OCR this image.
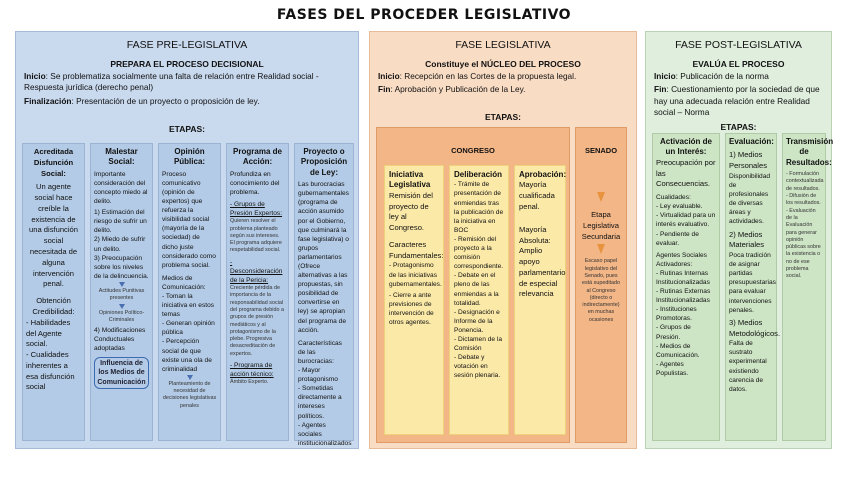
FASES DEL PROCEDER LEGISLATIVO
FASE PRE-LEGISLATIVA
PREPARA EL PROCESO DECISIONAL
Inicio: Se problematiza socialmente una falta de relación entre Realidad social - Respuesta jurídica (derecho penal)
Finalización: Presentación de un proyecto o proposición de ley.
ETAPAS:
Acreditada Disfunción Social:
Un agente social hace creíble la existencia de una disfunción social necesitada de alguna intervención penal.
Obtención Credibilidad:
- Habilidades del Agente social.
- Cualidades inherentes a esa disfunción social
Malestar Social:
Importante consideración del concepto miedo al delito.
1) Estimación del riesgo de sufrir un delito.
2) Miedo de sufrir un delito.
3) Preocupación sobre los niveles de la delincuencia.
Actitudes Punitivas presentes
Opiniones Político-Criminales
4) Modificaciones Conductuales adoptadas
Influencia de los Medios de Comunicación
Opinión Pública:
Proceso comunicativo (opinión de expertos) que refuerza la visibilidad social (mayoría de la sociedad) de dicho juste considerado como problema social.
Medios de Comunicación:
- Toman la iniciativa en estos temas
- Generan opinión pública
- Percepción social de que existe una ola de criminalidad
Planteamiento de necesidad de decisiones legislativas penales
Programa de Acción:
Profundiza en conocimiento del problema.
- Grupos de Presión Expertos:
Quieren resolver el problema planteado según sus intereses. El programa adquiere respetabilidad social.
- Desconsideración de la Pericia:
Creciente pérdida de importancia de la responsabilidad social del programa debido a grupos de presión mediáticos y al protagonismo de la plebe. Progresiva desacreditación de expertos.
- Programa de acción técnico:
Ámbito Experto.
Proyecto o Proposición de Ley:
Las burocracias gubernamentales (programa de acción asumido por el Gobierno, que culminará la fase legislativa) o grupos parlamentarios (Ofrece alternativas a las propuestas, sin posibilidad de convertirse en ley) se apropian del programa de acción.
Características de las burocracias:
- Mayor protagonismo
- Sometidas directamente a intereses políticos.
- Agentes sociales institucionalizados
FASE LEGISLATIVA
Constituye el NÚCLEO DEL PROCESO
Inicio: Recepción en las Cortes de la propuesta legal.
Fin: Aprobación y Publicación de la Ley.
ETAPAS:
CONGRESO	SENADO
Iniciativa Legislativa
Remisión del proyecto de ley al Congreso.
Caracteres Fundamentales:
- Protagonismo de las iniciativas gubernamentales.
- Cierre a ante previsiones de intervención de otros agentes.
Deliberación
- Trámite de presentación de enmiendas tras la publicación de la iniciativa en BOC
- Remisión del proyecto a la comisión correspondiente.
- Debate en el pleno de las enmiendas a la totalidad.
- Designación e Informe de la Ponencia.
- Dictamen de la Comisión
- Debate y votación en sesión plenaria.
Aprobación:
Mayoría cualificada penal.
Mayoría Absoluta:
Amplio apoyo parlamentario de especial relevancia
Etapa Legislativa Secundaria
Escaso papel legislativo del Senado, pues está supeditado al Congreso (directo o indirectamente) en muchas ocasiones
FASE POST-LEGISLATIVA
EVALÚA EL PROCESO
Inicio: Publicación de la norma
Fin: Cuestionamiento por la sociedad de que hay una adecuada relación entre Realidad social – Norma
ETAPAS:
Activación de un Interés:
Preocupación por las Consecuencias.
Cualidades:
- Ley evaluable.
- Virtualidad para un interés evaluativo.
- Pendiente de evaluar.
Agentes Sociales Activadores:
- Rutinas Internas Institucionalizadas
- Rutinas Externas Institucionalizadas
- Instituciones Promotoras.
- Grupos de Presión.
- Medios de Comunicación.
- Agentes Populistas.
Evaluación:
1) Medios Personales
Disponibilidad de profesionales de diversas áreas y actividades.
2) Medios Materiales
Poca tradición de asignar partidas presupuestarias para evaluar intervenciones penales.
3) Medios Metodológicos.
Falta de sustrato experimental existiendo carencia de datos.
Transmisión de Resultados:
- Formulación contextualizada de resultados.
- Difusión de los resultados.
- Evaluación de la Evaluación para generar opinión públicas sobre la existencia o no de ese problema social.
